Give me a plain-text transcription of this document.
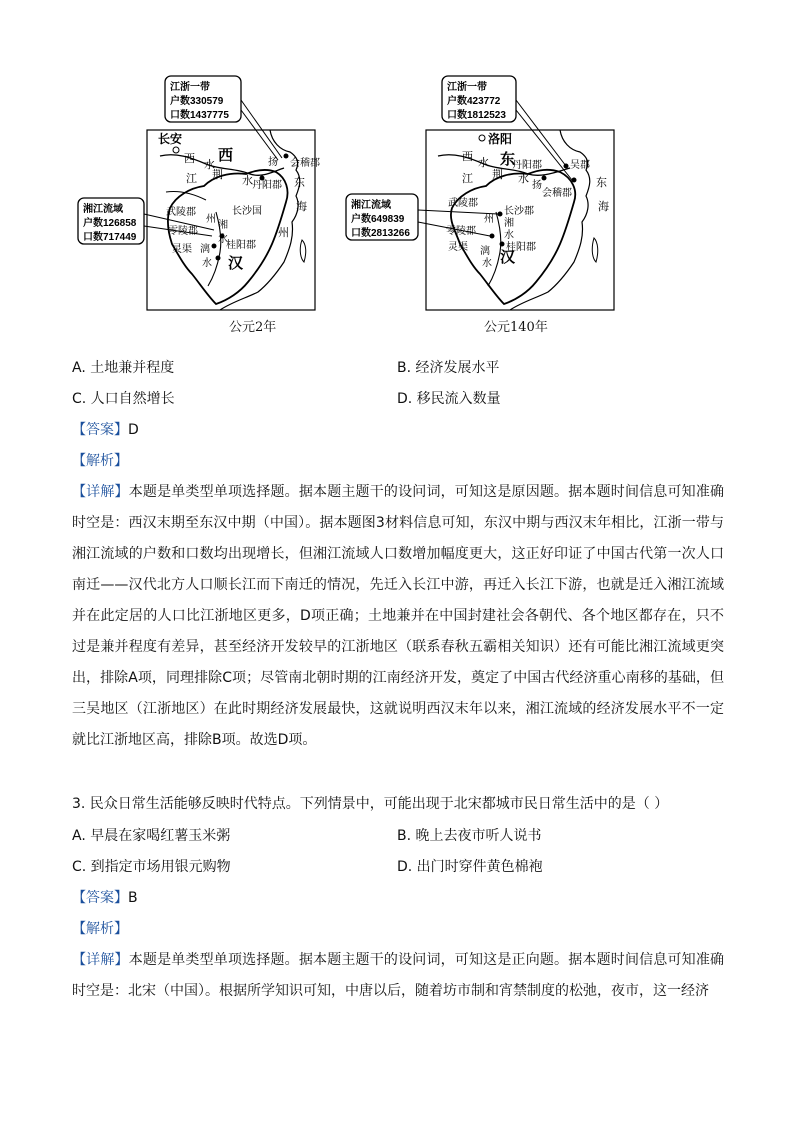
长安
西
汉
西 水
荆
江	水
扬 会稽郡
丹阳郡 东
海
州
武陵郡	长沙国
州
零陵郡
湘
水
灵渠 漓
水
桂阳郡
江浙一带
户数330579
口数1437775
湘江流域
户数126858
口数717449
洛阳
东
汉
西 水
荆
江	水
扬
丹阳郡	吴郡
会稽郡
东
海
武陵郡
长沙郡
州
零陵郡
湘
水
灵渠 漓
水
桂阳郡
江浙一带
户数423772
口数1812523
湘江流域
户数649839
口数2813266
公元2年	公元140年
A. 土地兼并程度	B. 经济发展水平
C. 人口自然增长	D. 移民流入数量
【答案】D
【解析】

【详解】本题是单类型单项选择题。据本题主题干的设问词，可知这是原因题。据本题时间信息可知准确时空是：西汉末期至东汉中期（中国）。据本题图3材料信息可知，东汉中期与西汉末年相比，江浙一带与湘江流域的户数和口数均出现增长，但湘江流域人口数增加幅度更大，这正好印证了中国古代第一次人口南迁——汉代北方人口顺长江而下南迁的情况，先迁入长江中游，再迁入长江下游，也就是迁入湘江流域并在此定居的人口比江浙地区更多，D项正确；土地兼并在中国封建社会各朝代、各个地区都存在，只不过是兼并程度有差异，甚至经济开发较早的江浙地区（联系春秋五霸相关知识）还有可能比湘江流域更突出，排除A项，同理排除C项；尽管南北朝时期的江南经济开发，奠定了中国古代经济重心南移的基础，但三吴地区（江浙地区）在此时期经济发展最快，这就说明西汉末年以来，湘江流域的经济发展水平不一定就比江浙地区高，排除B项。故选D项。

3. 民众日常生活能够反映时代特点。下列情景中，可能出现于北宋都城市民日常生活中的是（ ）
A. 早晨在家喝红薯玉米粥	B. 晚上去夜市听人说书
C. 到指定市场用银元购物	D. 出门时穿件黄色棉袍
【答案】B
【解析】

【详解】本题是单类型单项选择题。据本题主题干的设问词，可知这是正向题。据本题时间信息可知准确时空是：北宋（中国）。根据所学知识可知，中唐以后，随着坊市制和宵禁制度的松弛，夜市，这一经济
